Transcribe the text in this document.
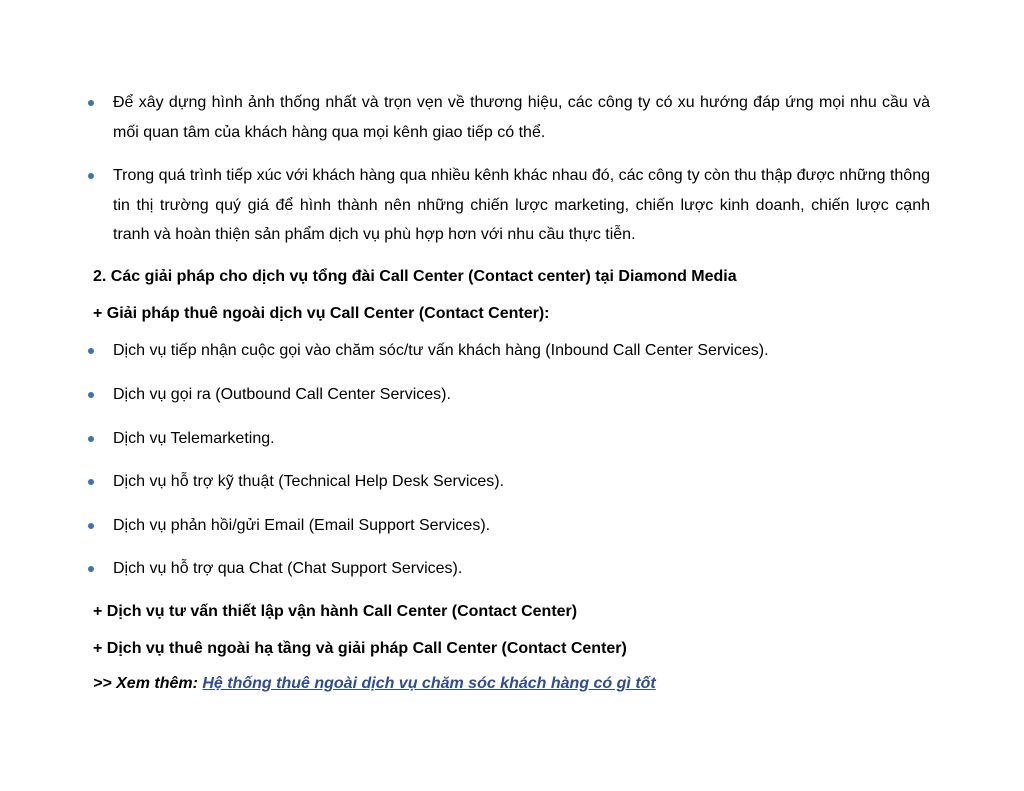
Để xây dựng hình ảnh thống nhất và trọn vẹn về thương hiệu, các công ty có xu hướng đáp ứng mọi nhu cầu và mối quan tâm của khách hàng qua mọi kênh giao tiếp có thể.
Trong quá trình tiếp xúc với khách hàng qua nhiều kênh khác nhau đó, các công ty còn thu thập được những thông tin thị trường quý giá để hình thành nên những chiến lược marketing, chiến lược kinh doanh, chiến lược cạnh tranh và hoàn thiện sản phẩm dịch vụ phù hợp hơn với nhu cầu thực tiễn.
2. Các giải pháp cho dịch vụ tổng đài Call Center (Contact center) tại Diamond Media
+ Giải pháp thuê ngoài dịch vụ Call Center (Contact Center):
Dịch vụ tiếp nhận cuộc gọi vào chăm sóc/tư vấn khách hàng (Inbound Call Center Services).
Dịch vụ gọi ra (Outbound Call Center Services).
Dịch vụ Telemarketing.
Dịch vụ hỗ trợ kỹ thuật (Technical Help Desk Services).
Dịch vụ phản hồi/gửi Email (Email Support Services).
Dịch vụ hỗ trợ qua Chat (Chat Support Services).
+ Dịch vụ tư vấn thiết lập vận hành Call Center (Contact Center)
+ Dịch vụ thuê ngoài hạ tầng và giải pháp Call Center (Contact Center)
>> Xem thêm: Hệ thống thuê ngoài dịch vụ chăm sóc khách hàng có gì tốt
